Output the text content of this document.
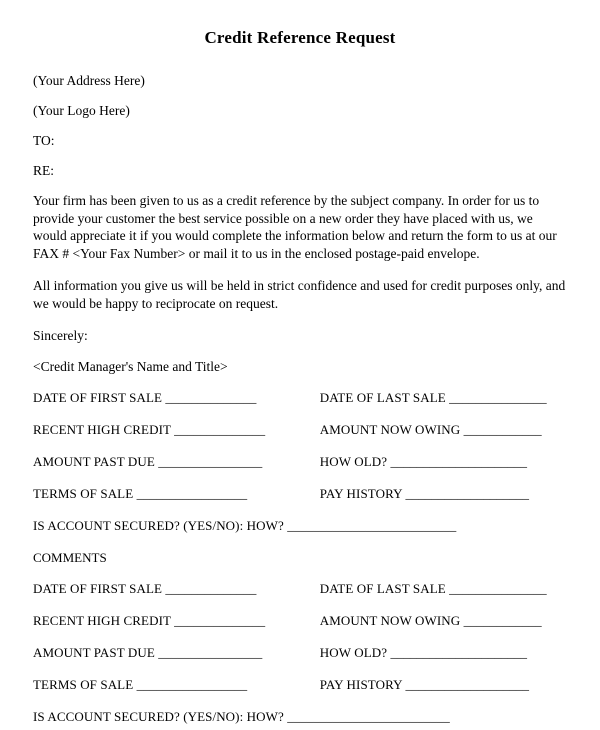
Credit Reference Request
(Your Address Here)
(Your Logo Here)
TO:
RE:
Your firm has been given to us as a credit reference by the subject company. In order for us to provide your customer the best service possible on a new order they have placed with us, we would appreciate it if you would complete the information below and return the form to us at our FAX # <Your Fax Number> or mail it to us in the enclosed postage-paid envelope.
All information you give us will be held in strict confidence and used for credit purposes only, and we would be happy to reciprocate on request.
Sincerely:
<Credit Manager's Name and Title>
DATE OF FIRST SALE ______________	DATE OF LAST SALE _______________
RECENT HIGH CREDIT ______________	AMOUNT NOW OWING ____________
AMOUNT PAST DUE ________________	HOW OLD? _____________________
TERMS OF SALE _________________	PAY HISTORY ___________________
IS ACCOUNT SECURED? (YES/NO): HOW? __________________________
COMMENTS
DATE OF FIRST SALE ______________	DATE OF LAST SALE _______________
RECENT HIGH CREDIT ______________	AMOUNT NOW OWING ____________
AMOUNT PAST DUE ________________	HOW OLD? _____________________
TERMS OF SALE _________________	PAY HISTORY ___________________
IS ACCOUNT SECURED? (YES/NO): HOW? _________________________
